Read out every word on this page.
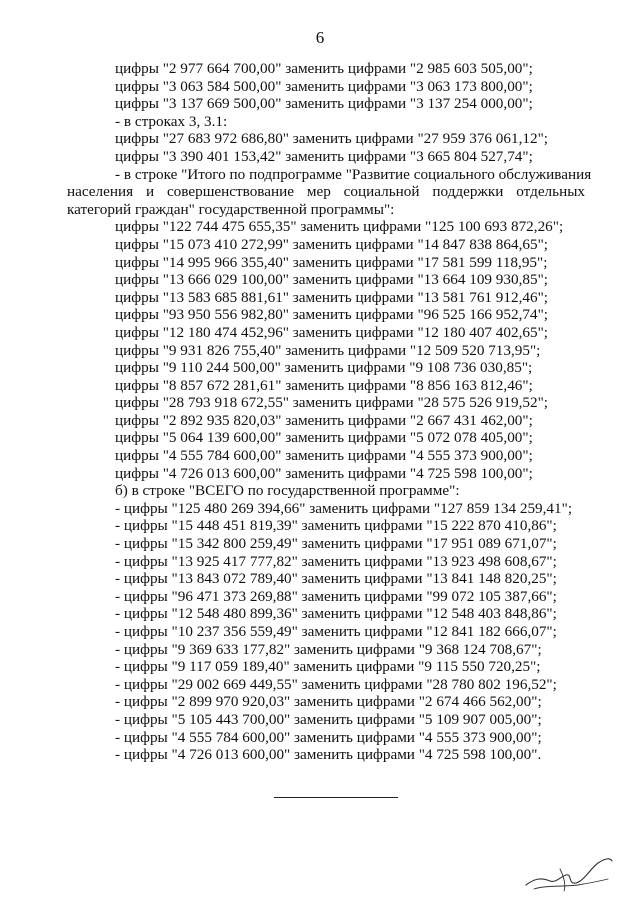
6
цифры "2 977 664 700,00" заменить цифрами "2 985 603 505,00";
цифры "3 063 584 500,00" заменить цифрами "3 063 173 800,00";
цифры "3 137 669 500,00" заменить цифрами "3 137 254 000,00";
- в строках 3, 3.1:
цифры "27 683 972 686,80" заменить цифрами "27 959 376 061,12";
цифры "3 390 401 153,42" заменить цифрами "3 665 804 527,74";
- в строке "Итого по подпрограмме "Развитие социального обслуживания
населения и совершенствование мер социальной поддержки отдельных
категорий граждан" государственной программы":
цифры "122 744 475 655,35" заменить цифрами "125 100 693 872,26";
цифры "15 073 410 272,99" заменить цифрами "14 847 838 864,65";
цифры "14 995 966 355,40" заменить цифрами "17 581 599 118,95";
цифры "13 666 029 100,00" заменить цифрами "13 664 109 930,85";
цифры "13 583 685 881,61" заменить цифрами "13 581 761 912,46";
цифры "93 950 556 982,80" заменить цифрами "96 525 166 952,74";
цифры "12 180 474 452,96" заменить цифрами "12 180 407 402,65";
цифры "9 931 826 755,40" заменить цифрами "12 509 520 713,95";
цифры "9 110 244 500,00" заменить цифрами "9 108 736 030,85";
цифры "8 857 672 281,61" заменить цифрами "8 856 163 812,46";
цифры "28 793 918 672,55" заменить цифрами "28 575 526 919,52";
цифры "2 892 935 820,03" заменить цифрами "2 667 431 462,00";
цифры "5 064 139 600,00" заменить цифрами "5 072 078 405,00";
цифры "4 555 784 600,00" заменить цифрами "4 555 373 900,00";
цифры "4 726 013 600,00" заменить цифрами "4 725 598 100,00";
б) в строке "ВСЕГО по государственной программе":
- цифры "125 480 269 394,66" заменить цифрами "127 859 134 259,41";
- цифры "15 448 451 819,39" заменить цифрами "15 222 870 410,86";
- цифры "15 342 800 259,49" заменить цифрами "17 951 089 671,07";
- цифры "13 925 417 777,82" заменить цифрами "13 923 498 608,67";
- цифры "13 843 072 789,40" заменить цифрами "13 841 148 820,25";
- цифры "96 471 373 269,88" заменить цифрами "99 072 105 387,66";
- цифры "12 548 480 899,36" заменить цифрами "12 548 403 848,86";
- цифры "10 237 356 559,49" заменить цифрами "12 841 182 666,07";
- цифры "9 369 633 177,82" заменить цифрами "9 368 124 708,67";
- цифры "9 117 059 189,40" заменить цифрами "9 115 550 720,25";
- цифры "29 002 669 449,55" заменить цифрами "28 780 802 196,52";
- цифры "2 899 970 920,03" заменить цифрами "2 674 466 562,00";
- цифры "5 105 443 700,00" заменить цифрами "5 109 907 005,00";
- цифры "4 555 784 600,00" заменить цифрами "4 555 373 900,00";
- цифры "4 726 013 600,00" заменить цифрами "4 725 598 100,00".
